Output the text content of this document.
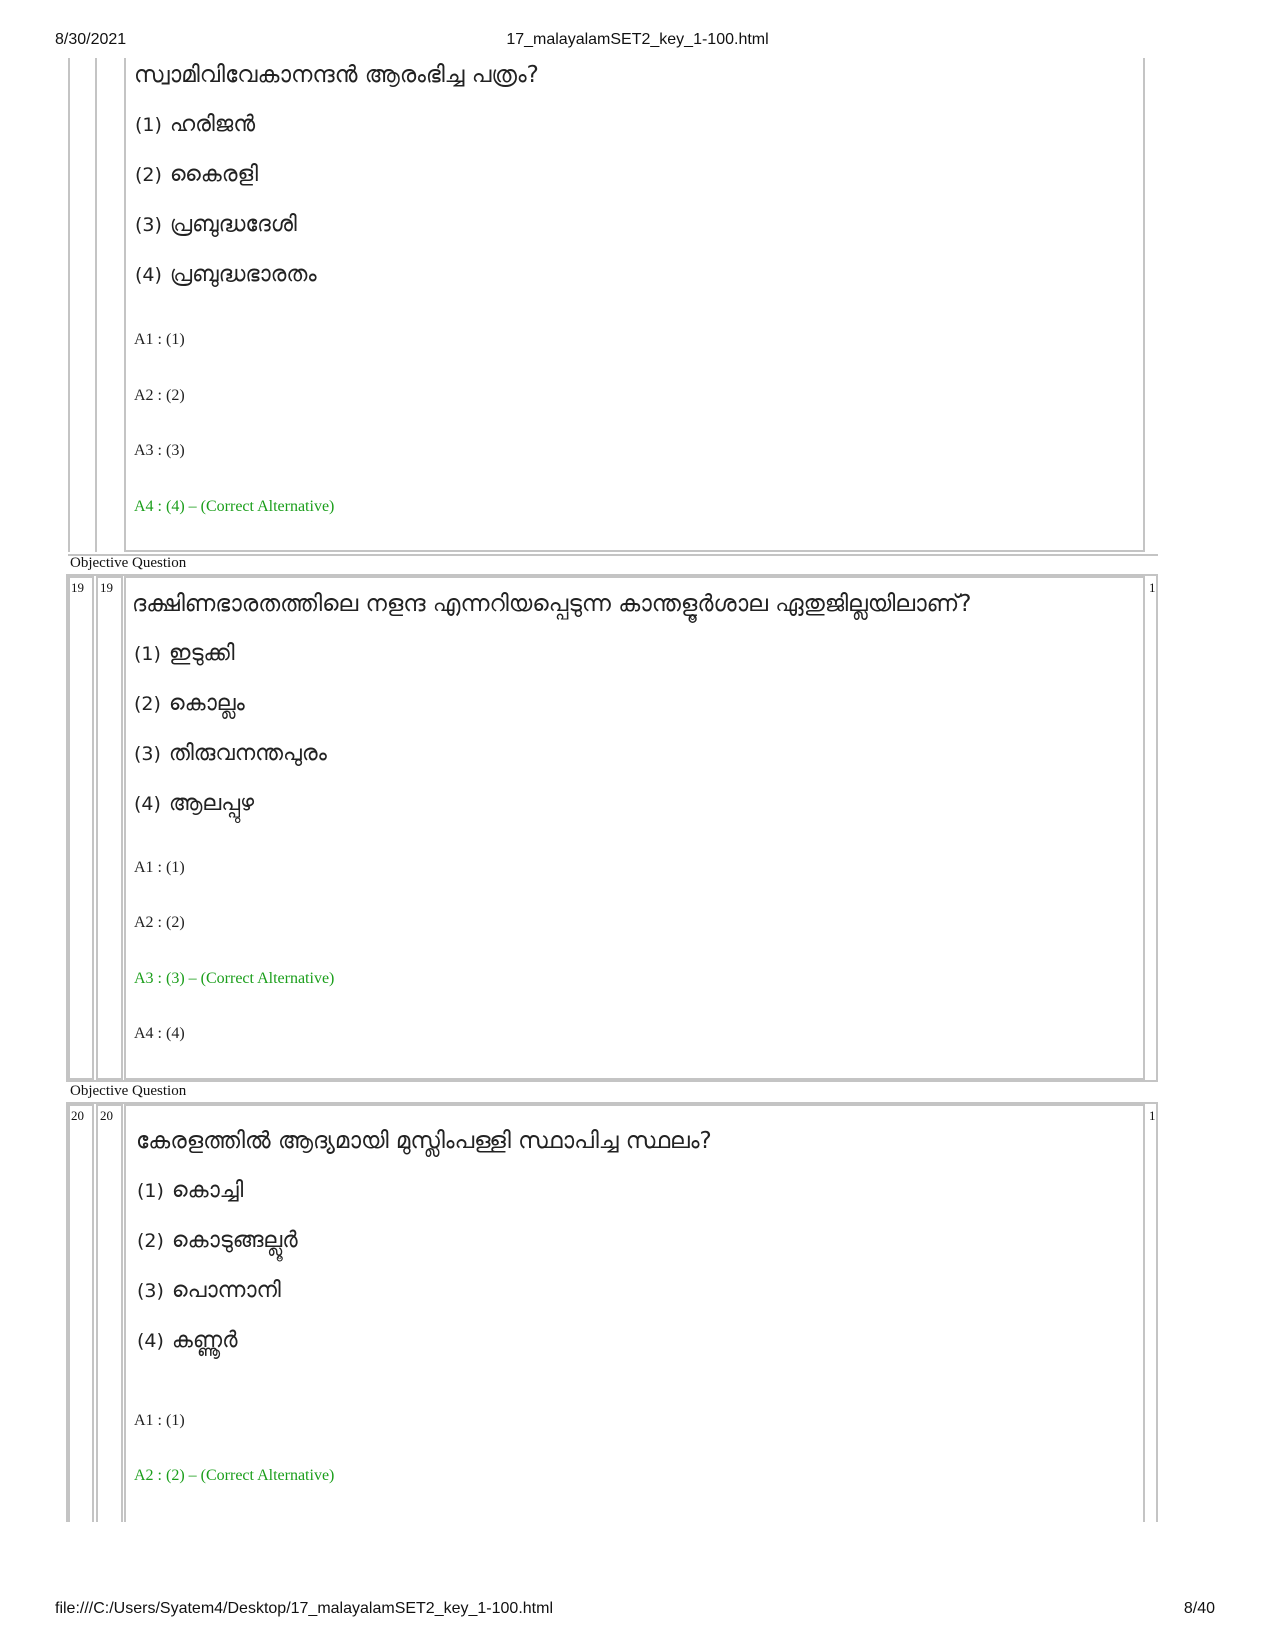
8/30/2021	17_malayalamSET2_key_1-100.html
സ്വാമിവിവേകാനന്ദൻ ആരംഭിച്ച പത്രം?
(1) ഹരിജൻ
(2) കൈരളി
(3) പ്രബുദ്ധദേശി
(4) പ്രബുദ്ധഭാരതം
A1 : (1)
A2 : (2)
A3 : (3)
A4 : (4) – (Correct Alternative)
Objective Question
19 19	1
ദക്ഷിണഭാരതത്തിലെ നളന്ദ എന്നറിയപ്പെടുന്ന കാന്തളൂർശാല ഏതുജില്ലയിലാണ്?
(1) ഇടുക്കി
(2) കൊല്ലം
(3) തിരുവനന്തപുരം
(4) ആലപ്പുഴ
A1 : (1)
A2 : (2)
A3 : (3) – (Correct Alternative)
A4 : (4)
Objective Question
20 20	1
കേരളത്തിൽ ആദ്യമായി മുസ്ലിംപള്ളി സ്ഥാപിച്ച സ്ഥലം?
(1) കൊച്ചി
(2) കൊടുങ്ങല്ലൂർ
(3) പൊന്നാനി
(4) കണ്ണൂർ
A1 : (1)
A2 : (2) – (Correct Alternative)
file:///C:/Users/Syatem4/Desktop/17_malayalamSET2_key_1-100.html	8/40
